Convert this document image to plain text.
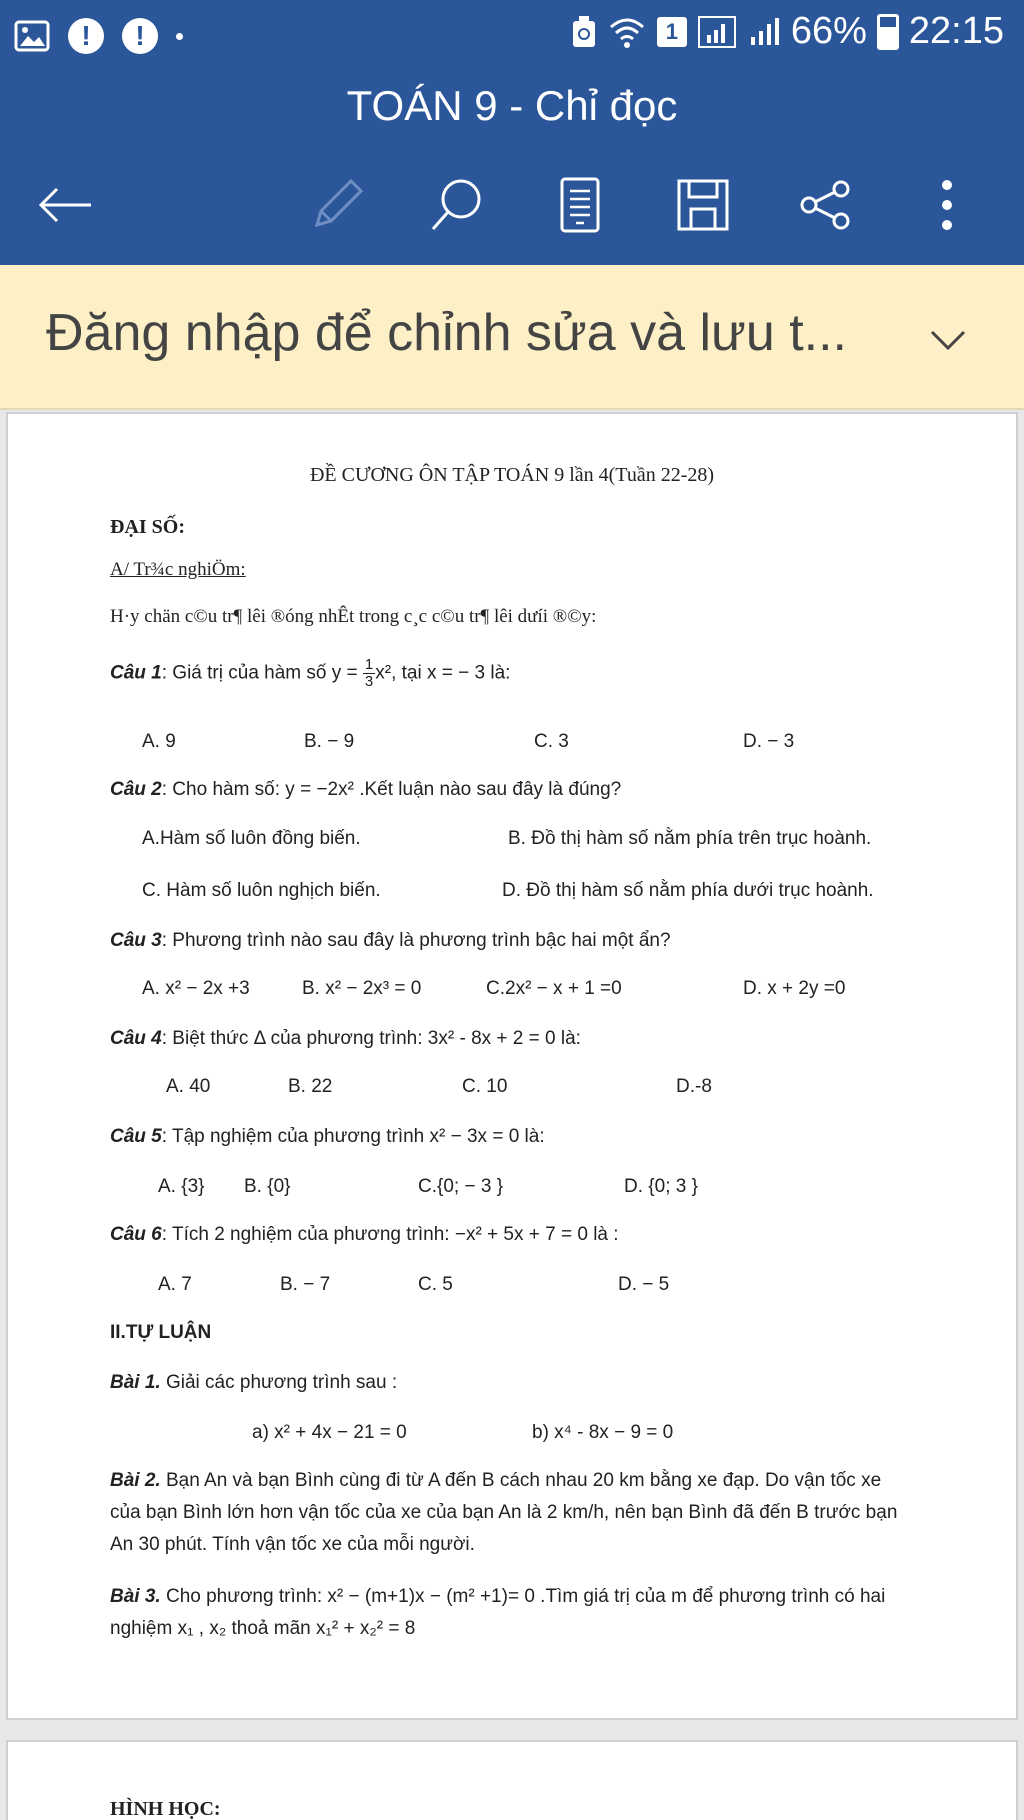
!	!	1	66% 22:15
TOÁN 9 - Chỉ đọc
Đăng nhập để chỉnh sửa và lưu t...
ĐỀ CƯƠNG ÔN TẬP TOÁN 9 lần 4(Tuần 22-28)
ĐẠI SỐ:
A/ Tr¾c nghiÖm:
H·y chän c©u tr¶ lêi ®óng nhÊt trong c¸c c©u tr¶ lêi dưíi ®©y:
Câu 1: Giá trị của hàm số $y = \frac{1}{3} x^2$, tại x = − 3 là:
A. 9	B. − 9	C. 3	D. − 3
Câu 2: Cho hàm số: y = −2x² .Kết luận nào sau đây là đúng?
A.Hàm số luôn đồng biến.	B. Đồ thị hàm số nằm phía trên trục hoành.
C. Hàm số luôn nghịch biến.	D. Đồ thị hàm số nằm phía dưới trục hoành.
Câu 3: Phương trình nào sau đây là phương trình bậc hai một ẩn?
A. x² − 2x +3	B. x² − 2x³ = 0	C.2x² − x + 1 =0	D. x + 2y =0
Câu 4: Biệt thức Δ của phương trình: 3x² - 8x + 2 = 0 là:
A. 40	B. 22	C. 10	D.-8
Câu 5: Tập nghiệm của phương trình x² − 3x = 0 là:
A. {3} B. {0}	C.{0; − 3 }	D. {0; 3 }
Câu 6: Tích 2 nghiệm của phương trình: −x² + 5x + 7 = 0 là :
A. 7	B. − 7	C. 5	D. − 5
II.TỰ LUẬN
Bài 1. Giải các phương trình sau :
a) x² + 4x − 21 = 0	b) x⁴ - 8x − 9 = 0
Bài 2. Bạn An và bạn Bình cùng đi từ A đến B cách nhau 20 km bằng xe đạp. Do vận tốc xe
của bạn Bình lớn hơn vận tốc của xe của bạn An là 2 km/h, nên bạn Bình đã đến B trước bạn
An 30 phút. Tính vận tốc xe của mỗi người.
Bài 3. Cho phương trình: x² − (m+1)x − (m² +1)= 0 .Tìm giá trị của m để phương trình có hai
nghiệm x₁ , x₂ thoả mãn x₁² + x₂² = 8
HÌNH HỌC:
